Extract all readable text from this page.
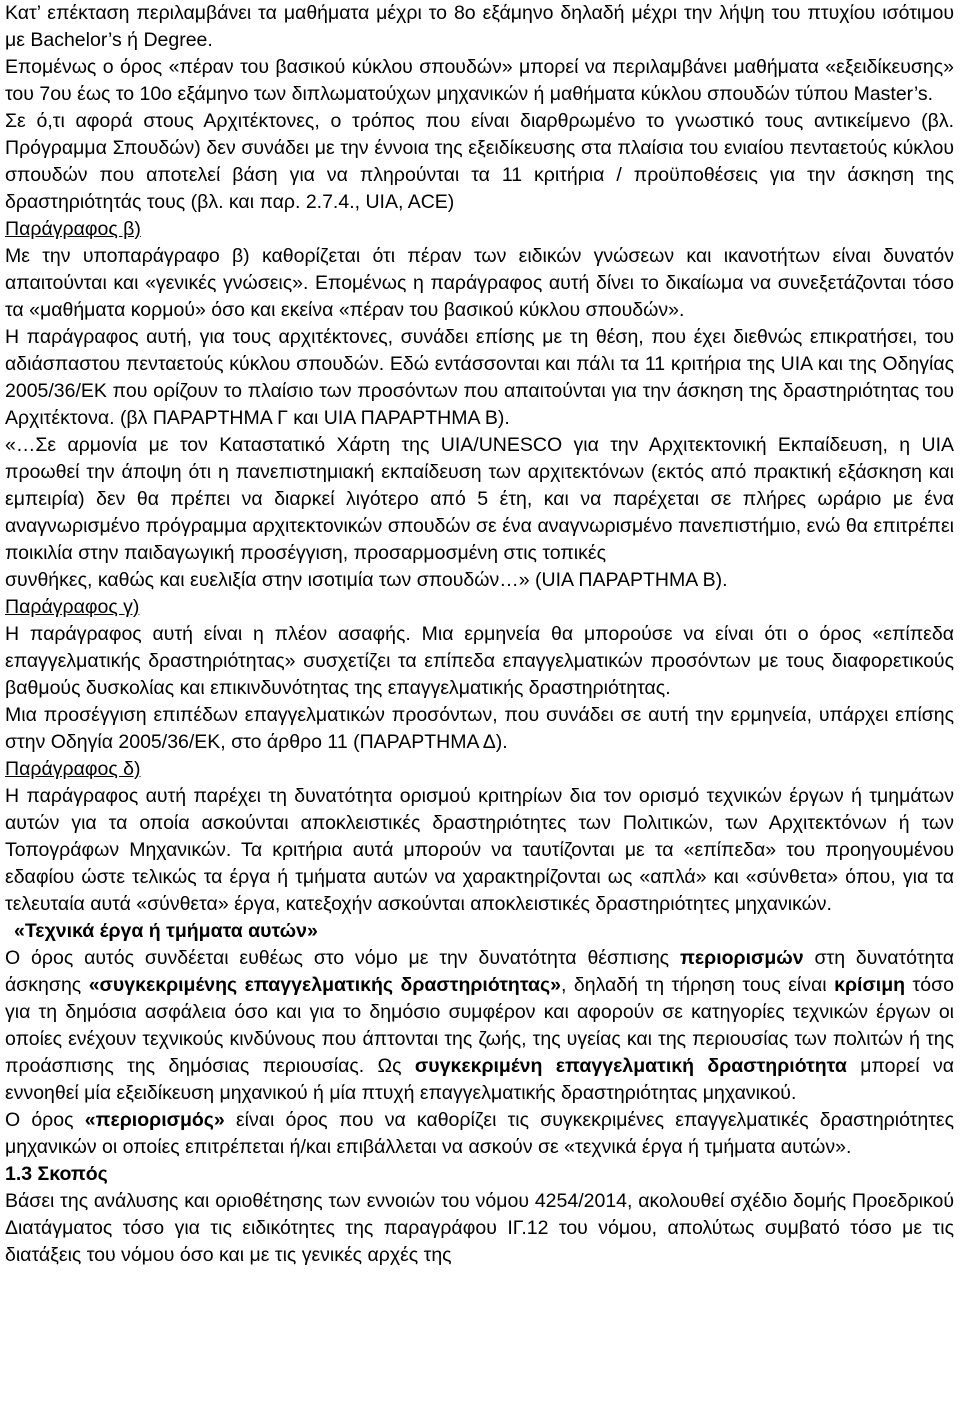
Κατ’ επέκταση περιλαμβάνει τα μαθήματα μέχρι το 8ο εξάμηνο δηλαδή μέχρι την λήψη του πτυχίου ισότιμου με Bachelor’s ή Degree.

Επομένως ο όρος «πέραν του βασικού κύκλου σπουδών» μπορεί να περιλαμβάνει μαθήματα «εξειδίκευσης» του 7ου έως το 10ο εξάμηνο των διπλωματούχων μηχανικών ή μαθήματα κύκλου σπουδών τύπου Master’s.

Σε ό,τι αφορά στους Αρχιτέκτονες, ο τρόπος που είναι διαρθρωμένο το γνωστικό τους αντικείμενο (βλ. Πρόγραμμα Σπουδών) δεν συνάδει με την έννοια της εξειδίκευσης στα πλαίσια του ενιαίου πενταετούς κύκλου σπουδών που αποτελεί βάση για να πληρούνται τα 11 κριτήρια / προϋποθέσεις για την άσκηση της δραστηριότητάς τους (βλ. και παρ. 2.7.4., UIA, ACE)

Παράγραφος β)

Με την υποπαράγραφο β) καθορίζεται ότι πέραν των ειδικών γνώσεων και ικανοτήτων είναι δυνατόν απαιτούνται και «γενικές γνώσεις». Επομένως η παράγραφος αυτή δίνει το δικαίωμα να συνεξετάζονται τόσο τα «μαθήματα κορμού» όσο και εκείνα «πέραν του βασικού κύκλου σπουδών».

Η παράγραφος αυτή, για τους αρχιτέκτονες, συνάδει επίσης με τη θέση, που έχει διεθνώς επικρατήσει, του αδιάσπαστου πενταετούς κύκλου σπουδών. Εδώ εντάσσονται και πάλι τα 11 κριτήρια της UIA και της Οδηγίας 2005/36/ΕΚ που ορίζουν το πλαίσιο των προσόντων που απαιτούνται για την άσκηση της δραστηριότητας του Αρχιτέκτονα. (βλ ΠΑΡΑΡΤΗΜΑ Γ και UIA ΠΑΡΑΡΤΗΜΑ Β).

«…Σε αρμονία με τον Καταστατικό Χάρτη της UIA/UNESCO για την Αρχιτεκτονική Εκπαίδευση, η UIA προωθεί την άποψη ότι η πανεπιστημιακή εκπαίδευση των αρχιτεκτόνων (εκτός από πρακτική εξάσκηση και εμπειρία) δεν θα πρέπει να διαρκεί λιγότερο από 5 έτη, και να παρέχεται σε πλήρες ωράριο με ένα αναγνωρισμένο πρόγραμμα αρχιτεκτονικών σπουδών σε ένα αναγνωρισμένο πανεπιστήμιο, ενώ θα επιτρέπει ποικιλία στην παιδαγωγική προσέγγιση, προσαρμοσμένη στις τοπικές

συνθήκες, καθώς και ευελιξία στην ισοτιμία των σπουδών…» (UIA ΠΑΡΑΡΤΗΜΑ Β).

Παράγραφος γ)

Η παράγραφος αυτή είναι η πλέον ασαφής. Μια ερμηνεία θα μπορούσε να είναι ότι ο όρος «επίπεδα επαγγελματικής δραστηριότητας» συσχετίζει τα επίπεδα επαγγελματικών προσόντων με τους διαφορετικούς βαθμούς δυσκολίας και επικινδυνότητας της επαγγελματικής δραστηριότητας.

Μια προσέγγιση επιπέδων επαγγελματικών προσόντων, που συνάδει σε αυτή την ερμηνεία, υπάρχει επίσης στην Οδηγία 2005/36/ΕΚ, στο άρθρο 11 (ΠΑΡΑΡΤΗΜΑ Δ).

Παράγραφος δ)

Η παράγραφος αυτή παρέχει τη δυνατότητα ορισμού κριτηρίων δια τον ορισμό τεχνικών έργων ή τμημάτων αυτών για τα οποία ασκούνται αποκλειστικές δραστηριότητες των Πολιτικών, των Αρχιτεκτόνων ή των Τοπογράφων Μηχανικών. Τα κριτήρια αυτά μπορούν να ταυτίζονται με τα «επίπεδα» του προηγουμένου εδαφίου ώστε τελικώς τα έργα ή τμήματα αυτών να χαρακτηρίζονται ως «απλά» και «σύνθετα» όπου, για τα τελευταία αυτά «σύνθετα» έργα, κατεξοχήν ασκούνται αποκλειστικές δραστηριότητες μηχανικών.

«Τεχνικά έργα ή τμήματα αυτών»

Ο όρος αυτός συνδέεται ευθέως στο νόμο με την δυνατότητα θέσπισης περιορισμών στη δυνατότητα άσκησης «συγκεκριμένης επαγγελματικής δραστηριότητας», δηλαδή τη τήρηση τους είναι κρίσιμη τόσο για τη δημόσια ασφάλεια όσο και για το δημόσιο συμφέρον και αφορούν σε κατηγορίες τεχνικών έργων οι οποίες ενέχουν τεχνικούς κινδύνους που άπτονται της ζωής, της υγείας και της περιουσίας των πολιτών ή της προάσπισης της δημόσιας περιουσίας. Ως συγκεκριμένη επαγγελματική δραστηριότητα μπορεί να εννοηθεί μία εξειδίκευση μηχανικού ή μία πτυχή επαγγελματικής δραστηριότητας μηχανικού.

Ο όρος «περιορισμός» είναι όρος που να καθορίζει τις συγκεκριμένες επαγγελματικές δραστηριότητες μηχανικών οι οποίες επιτρέπεται ή/και επιβάλλεται να ασκούν σε «τεχνικά έργα ή τμήματα αυτών».

1.3 Σκοπός

Βάσει της ανάλυσης και οριοθέτησης των εννοιών του νόμου 4254/2014, ακολουθεί σχέδιο δομής Προεδρικού Διατάγματος τόσο για τις ειδικότητες της παραγράφου ΙΓ.12 του νόμου, απολύτως συμβατό τόσο με τις διατάξεις του νόμου όσο και με τις γενικές αρχές της
